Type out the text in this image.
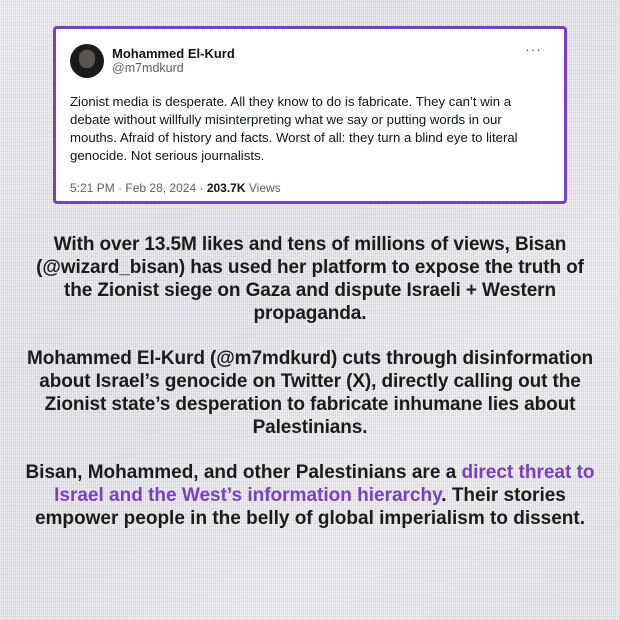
Mohammed El-Kurd
@m7mdkurd
···
Zionist media is desperate. All they know to do is fabricate. They can’t win a debate without willfully misinterpreting what we say or putting words in our mouths. Afraid of history and facts. Worst of all: they turn a blind eye to literal genocide. Not serious journalists.
5:21 PM · Feb 28, 2024 · 203.7K Views

With over 13.5M likes and tens of millions of views, Bisan (@wizard_bisan) has used her platform to expose the truth of the Zionist siege on Gaza and dispute Israeli + Western propaganda.

Mohammed El-Kurd (@m7mdkurd) cuts through disinformation about Israel’s genocide on Twitter (X), directly calling out the Zionist state’s desperation to fabricate inhumane lies about Palestinians.

Bisan, Mohammed, and other Palestinians are a direct threat to Israel and the West’s information hierarchy. Their stories empower people in the belly of global imperialism to dissent.
